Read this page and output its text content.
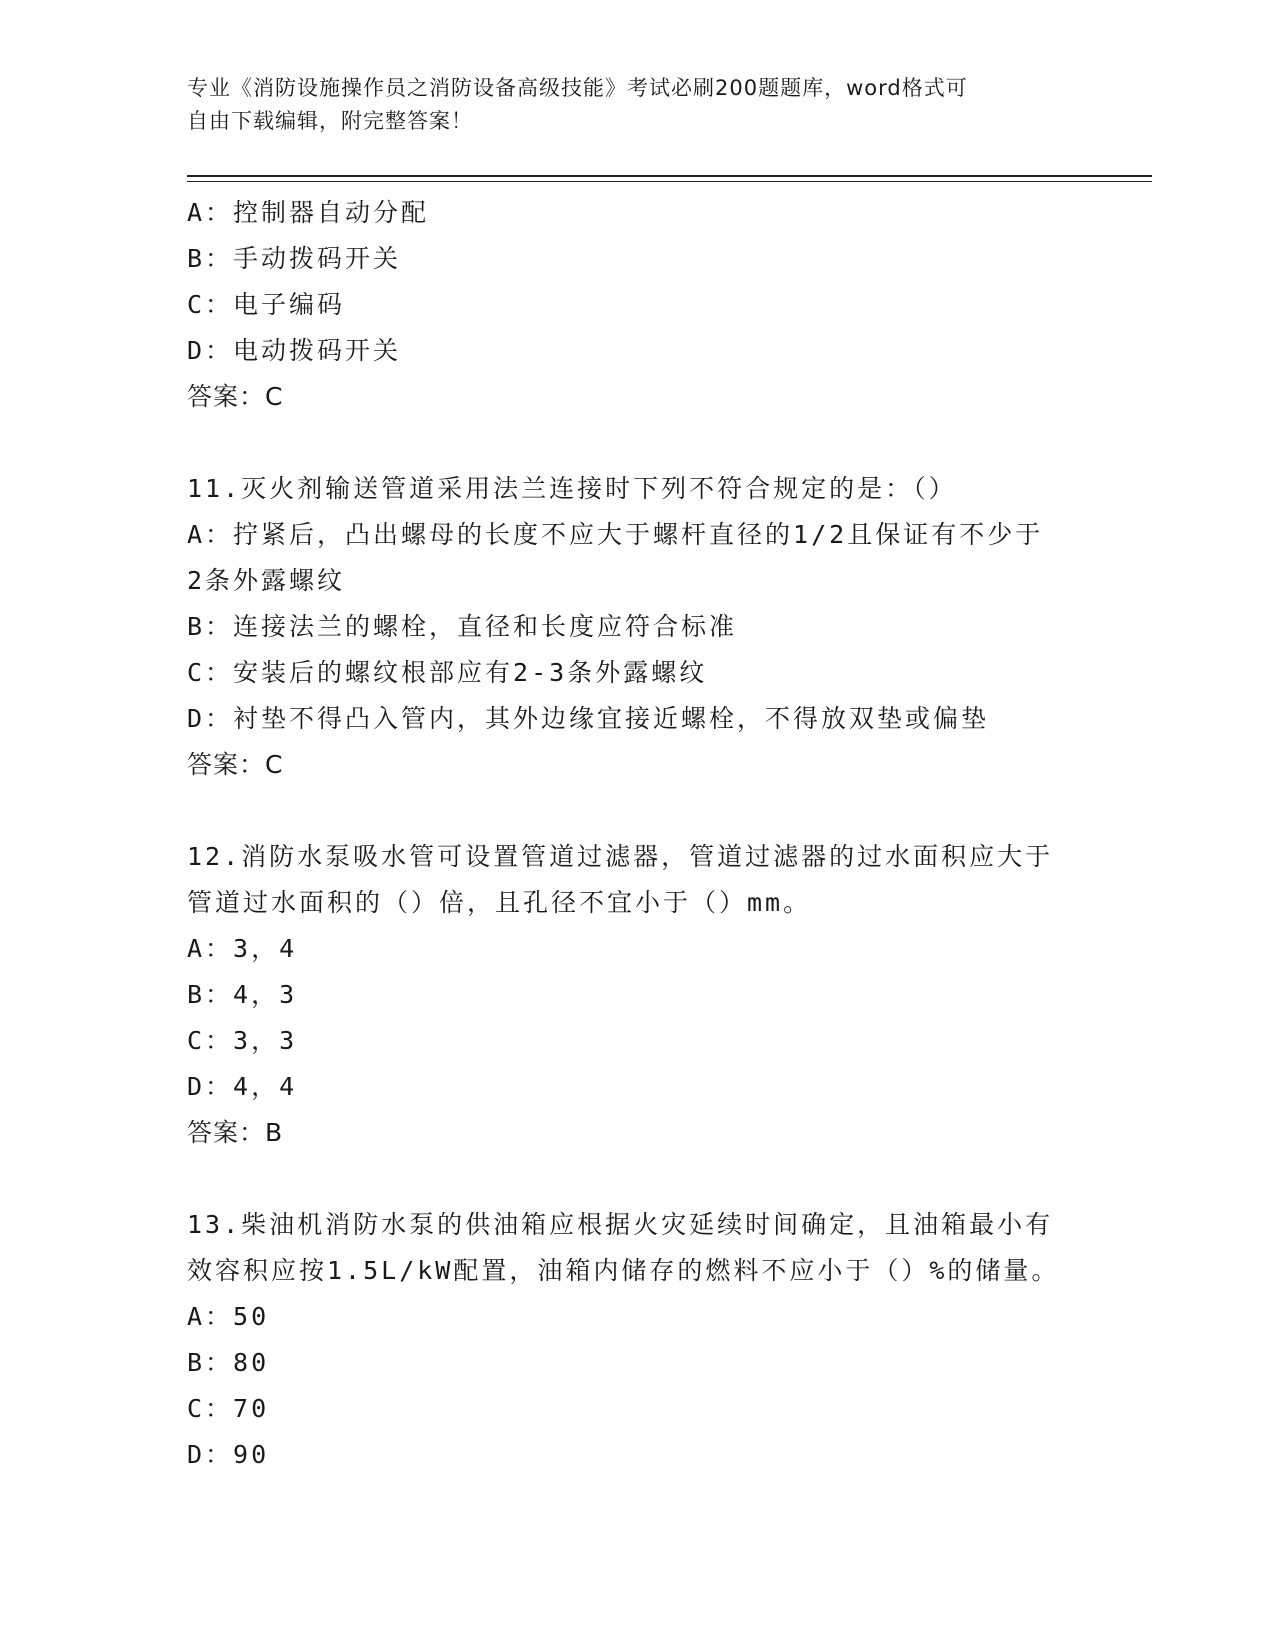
专业《消防设施操作员之消防设备高级技能》考试必刷200题题库，word格式可
自由下载编辑，附完整答案！

A：控制器自动分配

B：手动拨码开关

C：电子编码

D：电动拨码开关

答案：C

11.灭火剂输送管道采用法兰连接时下列不符合规定的是：（）

A：拧紧后，凸出螺母的长度不应大于螺杆直径的1/2且保证有不少于

2条外露螺纹

B：连接法兰的螺栓，直径和长度应符合标准

C：安装后的螺纹根部应有2-3条外露螺纹

D：衬垫不得凸入管内，其外边缘宜接近螺栓，不得放双垫或偏垫

答案：C

12.消防水泵吸水管可设置管道过滤器，管道过滤器的过水面积应大于

管道过水面积的（）倍，且孔径不宜小于（）mm。

A：3，4

B：4，3

C：3，3

D：4，4

答案：B

13.柴油机消防水泵的供油箱应根据火灾延续时间确定，且油箱最小有

效容积应按1.5L/kW配置，油箱内储存的燃料不应小于（）%的储量。

A：50

B：80

C：70

D：90
